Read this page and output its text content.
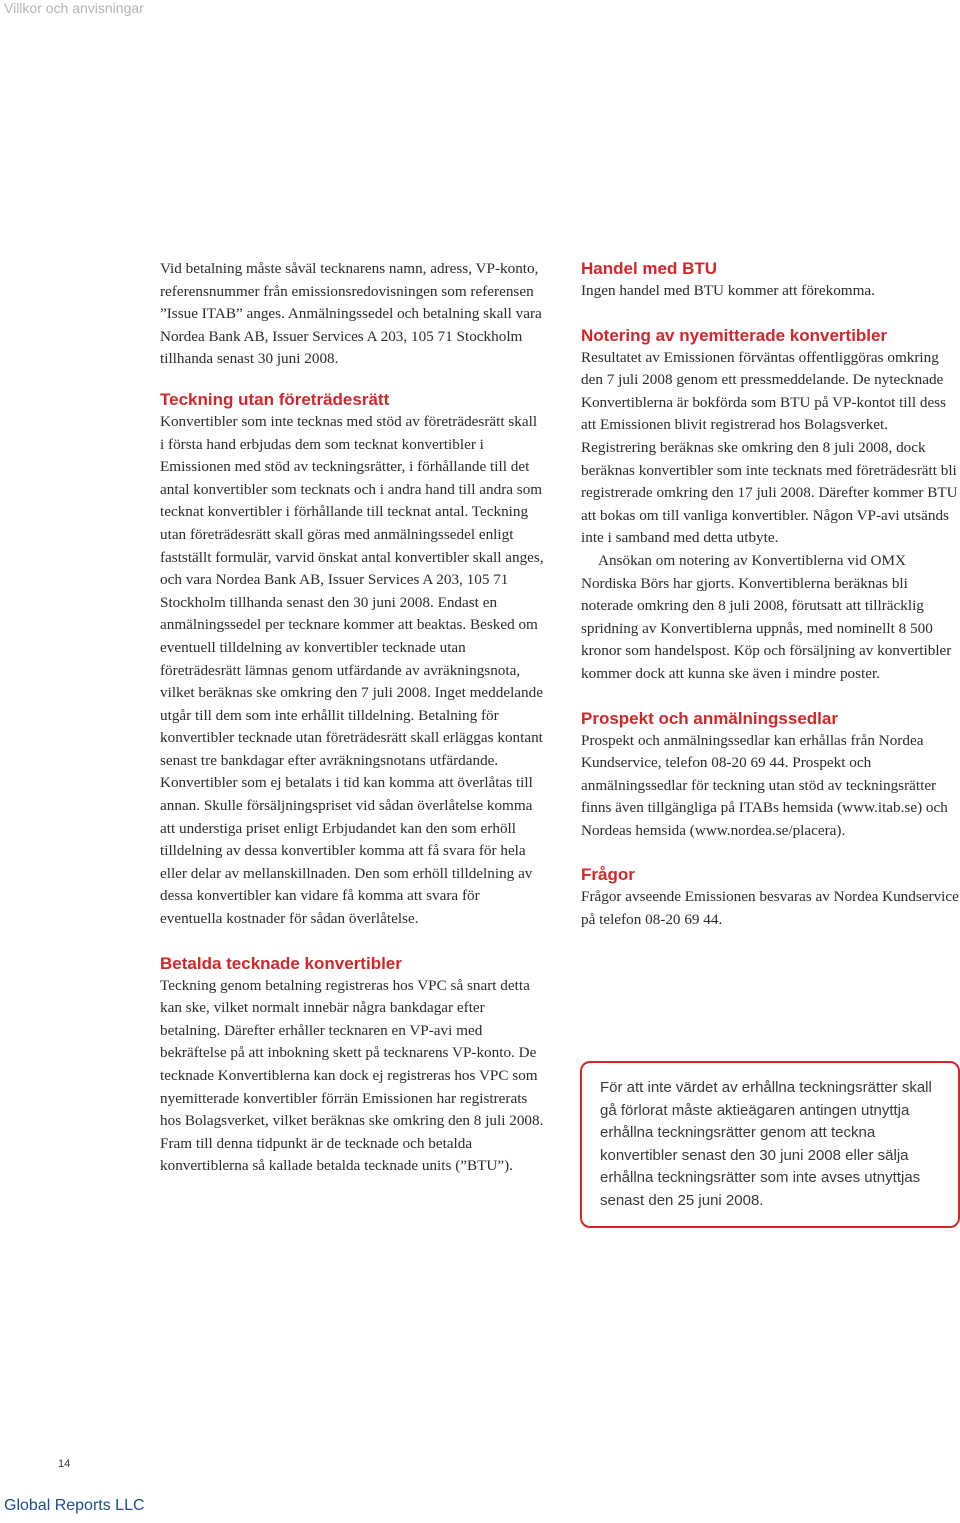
Villkor och anvisningar

Vid betalning måste såväl tecknarens namn, adress, VP-konto, referensnummer från emissionsredovisningen som referensen ”Issue ITAB” anges. Anmälningssedel och betalning skall vara Nordea Bank AB, Issuer Services A 203, 105 71 Stockholm tillhanda senast 30 juni 2008.

Teckning utan företrädesrätt

Konvertibler som inte tecknas med stöd av företrädesrätt skall i första hand erbjudas dem som tecknat konvertibler i Emissionen med stöd av teckningsrätter, i förhållande till det antal konvertibler som tecknats och i andra hand till andra som tecknat konvertibler i förhållande till tecknat antal. Teckning utan företrädesrätt skall göras med anmälningssedel enligt fastställt formulär, varvid önskat antal konvertibler skall anges, och vara Nordea Bank AB, Issuer Services A 203, 105 71 Stockholm tillhanda senast den 30 juni 2008. Endast en anmälningssedel per tecknare kommer att beaktas. Besked om eventuell tilldelning av konvertibler tecknade utan företrädesrätt lämnas genom utfärdande av avräkningsnota, vilket beräknas ske omkring den 7 juli 2008. Inget meddelande utgår till dem som inte erhållit tilldelning. Betalning för konvertibler tecknade utan företrädesrätt skall erläggas kontant senast tre bankdagar efter avräkningsnotans utfärdande. Konvertibler som ej betalats i tid kan komma att överlåtas till annan. Skulle försäljningspriset vid sådan överlåtelse komma att understiga priset enligt Erbjudandet kan den som erhöll tilldelning av dessa konvertibler komma att få svara för hela eller delar av mellanskillnaden. Den som erhöll tilldelning av dessa konvertibler kan vidare få komma att svara för eventuella kostnader för sådan överlåtelse.

Betalda tecknade konvertibler

Teckning genom betalning registreras hos VPC så snart detta kan ske, vilket normalt innebär några bankdagar efter betalning. Därefter erhåller tecknaren en VP-avi med bekräftelse på att inbokning skett på tecknarens VP-konto. De tecknade Konvertiblerna kan dock ej registreras hos VPC som nyemitterade konvertibler förrän Emissionen har registrerats hos Bolagsverket, vilket beräknas ske omkring den 8 juli 2008. Fram till denna tidpunkt är de tecknade och betalda konvertiblerna så kallade betalda tecknade units (”BTU”).

Handel med BTU

Ingen handel med BTU kommer att förekomma.

Notering av nyemitterade konvertibler

Resultatet av Emissionen förväntas offentliggöras omkring den 7 juli 2008 genom ett pressmeddelande. De nytecknade Konvertiblerna är bokförda som BTU på VP-kontot till dess att Emissionen blivit registrerad hos Bolagsverket. Registrering beräknas ske omkring den 8 juli 2008, dock beräknas konvertibler som inte tecknats med företrädesrätt bli registrerade omkring den 17 juli 2008. Därefter kommer BTU att bokas om till vanliga konvertibler. Någon VP-avi utsänds inte i samband med detta utbyte.

Ansökan om notering av Konvertiblerna vid OMX Nordiska Börs har gjorts. Konvertiblerna beräknas bli noterade omkring den 8 juli 2008, förutsatt att tillräcklig spridning av Konvertiblerna uppnås, med nominellt 8 500 kronor som handelspost. Köp och försäljning av konvertibler kommer dock att kunna ske även i mindre poster.

Prospekt och anmälningssedlar

Prospekt och anmälningssedlar kan erhållas från Nordea Kundservice, telefon 08-20 69 44. Prospekt och anmälningssedlar för teckning utan stöd av teckningsrätter finns även tillgängliga på ITABs hemsida (www.itab.se) och Nordeas hemsida (www.nordea.se/placera).

Frågor

Frågor avseende Emissionen besvaras av Nordea Kundservice på telefon 08-20 69 44.

För att inte värdet av erhållna teckningsrätter skall gå förlorat måste aktieägaren antingen utnyttja erhållna teckningsrätter genom att teckna konvertibler senast den 30 juni 2008 eller sälja erhållna teckningsrätter som inte avses utnyttjas senast den 25 juni 2008.
14
Global Reports LLC
